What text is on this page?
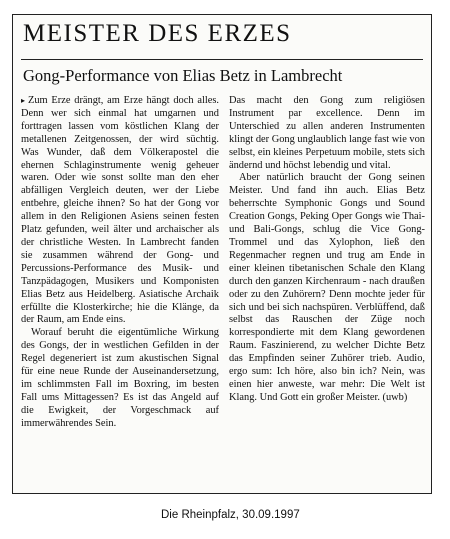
MEISTER DES ERZES
Gong-Performance von Elias Betz in Lambrecht

▸ Zum Erze drängt, am Erze hängt doch alles. Denn wer sich einmal hat umgarnen und forttragen lassen vom köstlichen Klang der metallenen Zeitgenossen, der wird süchtig. Was Wunder, daß dem Völkerapostel die ehernen Schlaginstrumente wenig geheuer waren. Oder wie sonst sollte man den eher abfälligen Vergleich deuten, wer der Liebe entbehre, gleiche ihnen? So hat der Gong vor allem in den Religionen Asiens seinen festen Platz gefunden, weil älter und archaischer als der christliche Westen. In Lambrecht fanden sie zusammen während der Gong- und Percussions-Performance des Musik- und Tanzpädagogen, Musikers und Komponisten Elias Betz aus Heidelberg. Asiatische Archaik erfüllte die Klosterkirche; hie die Klänge, da der Raum, am Ende eins.

Worauf beruht die eigentümliche Wirkung des Gongs, der in westlichen Gefilden in der Regel degeneriert ist zum akustischen Signal für eine neue Runde der Auseinandersetzung, im schlimmsten Fall im Boxring, im besten Fall ums Mittagessen? Es ist das Angeld auf die Ewigkeit, der Vorgeschmack auf immerwährendes Sein.

Das macht den Gong zum religiösen Instrument par excellence. Denn im Unterschied zu allen anderen Instrumenten klingt der Gong unglaublich lange fast wie von selbst, ein kleines Perpetuum mobile, stets sich ändernd und höchst lebendig und vital.

Aber natürlich braucht der Gong seinen Meister. Und fand ihn auch. Elias Betz beherrschte Symphonic Gongs und Sound Creation Gongs, Peking Oper Gongs wie Thai- und Bali-Gongs, schlug die Vice Gong-Trommel und das Xylophon, ließ den Regenmacher regnen und trug am Ende in einer kleinen tibetanischen Schale den Klang durch den ganzen Kirchenraum - nach draußen oder zu den Zuhörern? Denn mochte jeder für sich und bei sich nachspüren. Verblüffend, daß selbst das Rauschen der Züge noch korrespondierte mit dem Klang gewordenen Raum. Faszinierend, zu welcher Dichte Betz das Empfinden seiner Zuhörer trieb. Audio, ergo sum: Ich höre, also bin ich? Nein, was einen hier anweste, war mehr: Die Welt ist Klang. Und Gott ein großer Meister. (uwb)

Die Rheinpfalz, 30.09.1997
